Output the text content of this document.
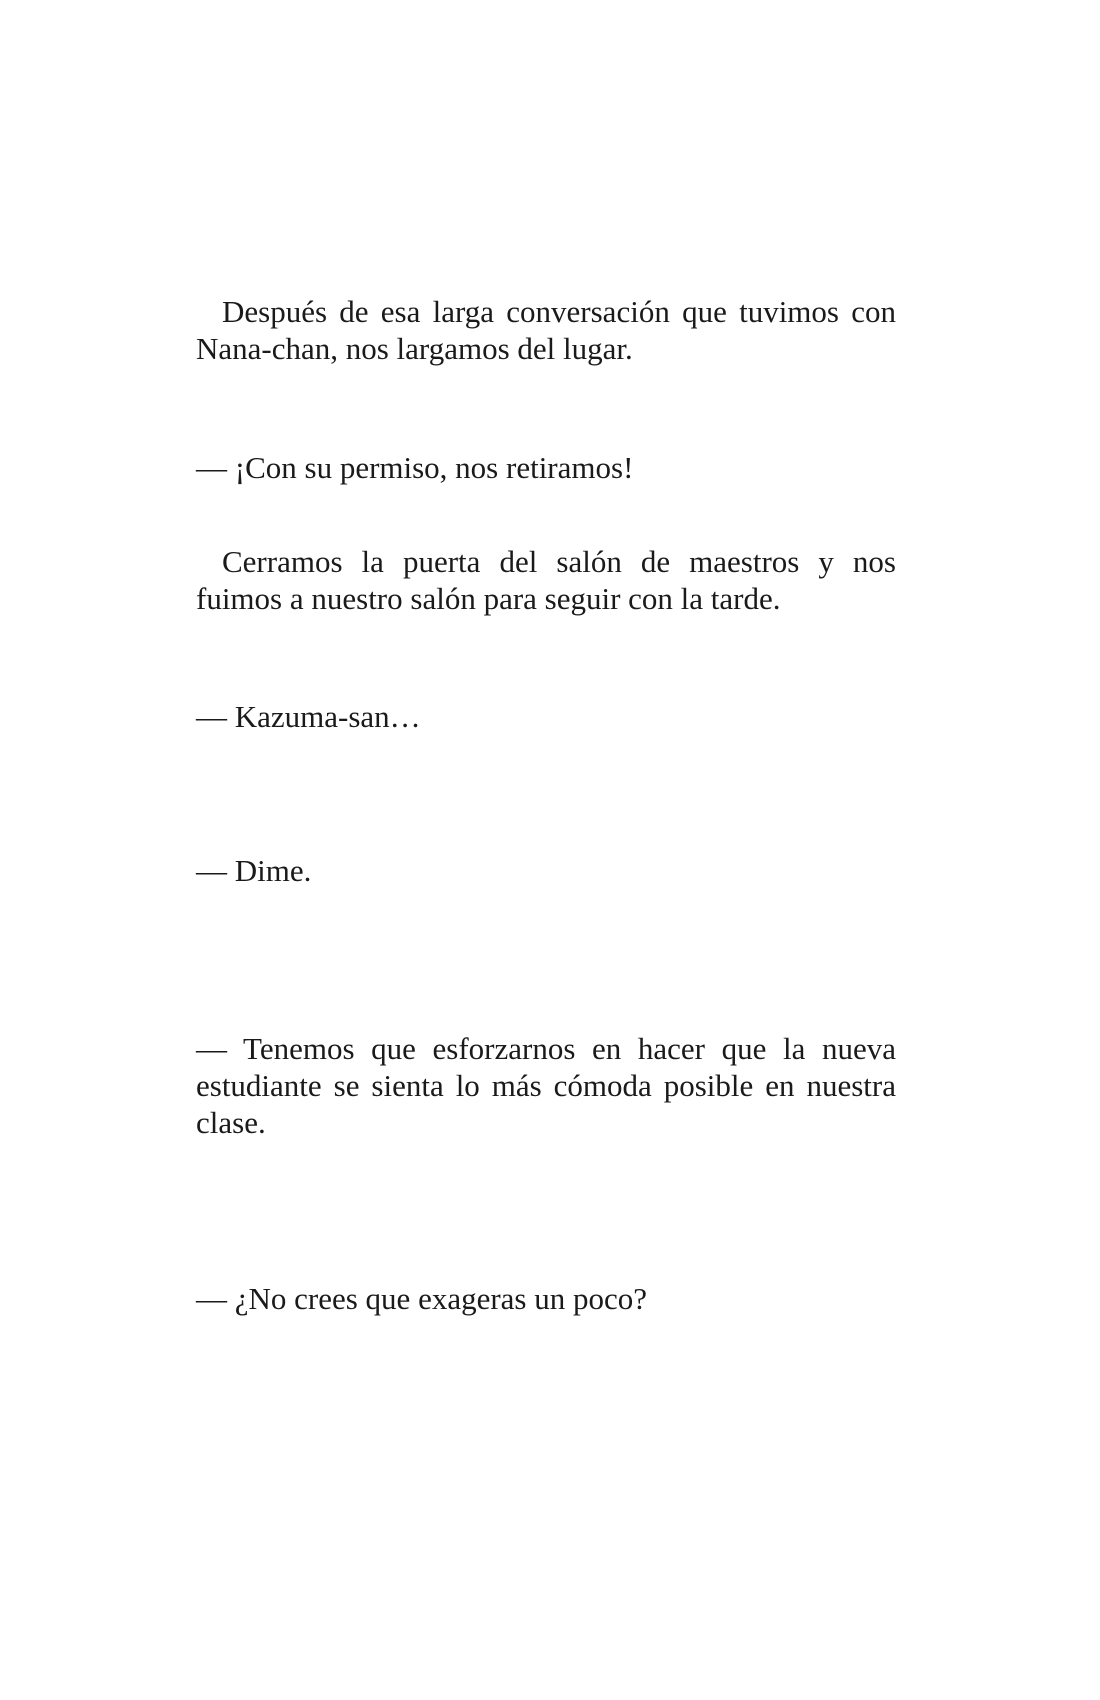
Después de esa larga conversación que tuvimos con Nana-chan, nos largamos del lugar.

— ¡Con su permiso, nos retiramos!

Cerramos la puerta del salón de maestros y nos fuimos a nuestro salón para seguir con la tarde.

— Kazuma-san…

— Dime.

— Tenemos que esforzarnos en hacer que la nueva estudiante se sienta lo más cómoda posible en nuestra clase.

— ¿No crees que exageras un poco?
